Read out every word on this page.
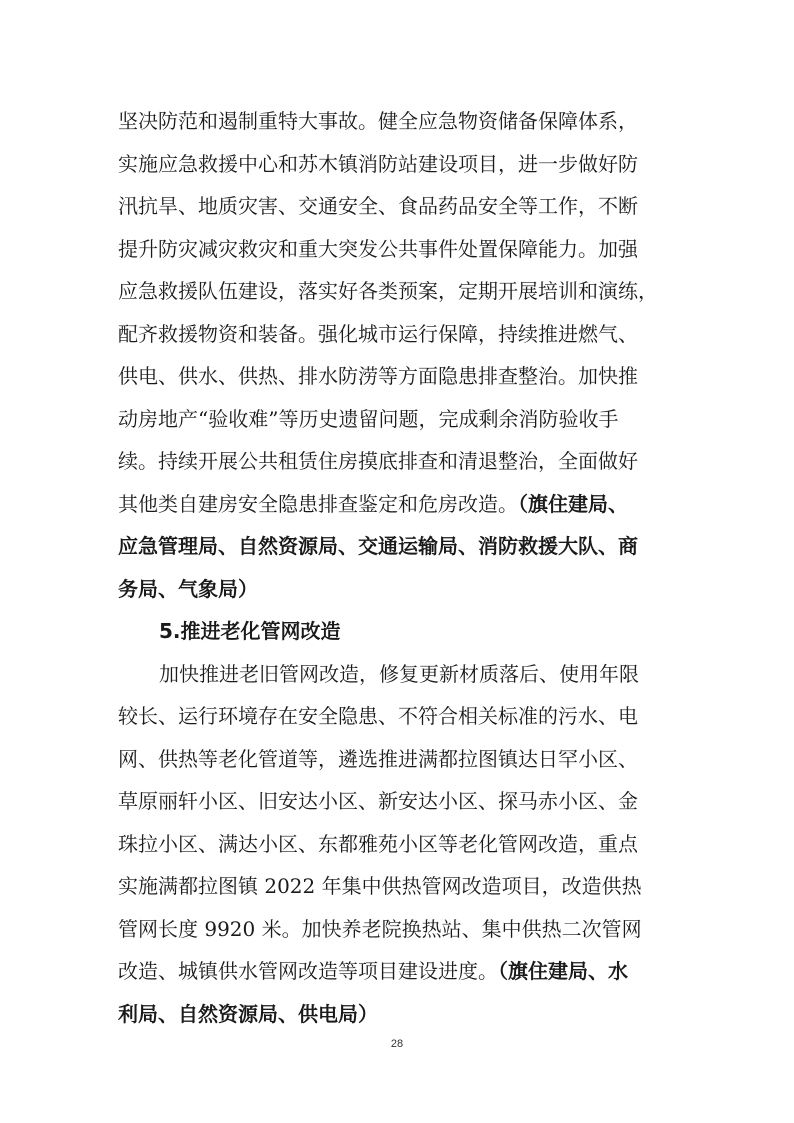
坚决防范和遏制重特大事故。健全应急物资储备保障体系，
实施应急救援中心和苏木镇消防站建设项目，进一步做好防
汛抗旱、地质灾害、交通安全、食品药品安全等工作，不断
提升防灾减灾救灾和重大突发公共事件处置保障能力。加强
应急救援队伍建设，落实好各类预案，定期开展培训和演练，
配齐救援物资和装备。强化城市运行保障，持续推进燃气、
供电、供水、供热、排水防涝等方面隐患排查整治。加快推
动房地产“验收难”等历史遗留问题，完成剩余消防验收手
续。持续开展公共租赁住房摸底排查和清退整治，全面做好
其他类自建房安全隐患排查鉴定和危房改造。（旗住建局、
应急管理局、自然资源局、交通运输局、消防救援大队、商
务局、气象局）
5.推进老化管网改造
加快推进老旧管网改造，修复更新材质落后、使用年限
较长、运行环境存在安全隐患、不符合相关标准的污水、电
网、供热等老化管道等，遴选推进满都拉图镇达日罕小区、
草原丽轩小区、旧安达小区、新安达小区、探马赤小区、金
珠拉小区、满达小区、东都雅苑小区等老化管网改造，重点
实施满都拉图镇 2022 年集中供热管网改造项目，改造供热
管网长度 9920 米。加快养老院换热站、集中供热二次管网
改造、城镇供水管网改造等项目建设进度。（旗住建局、水
利局、自然资源局、供电局）
28
